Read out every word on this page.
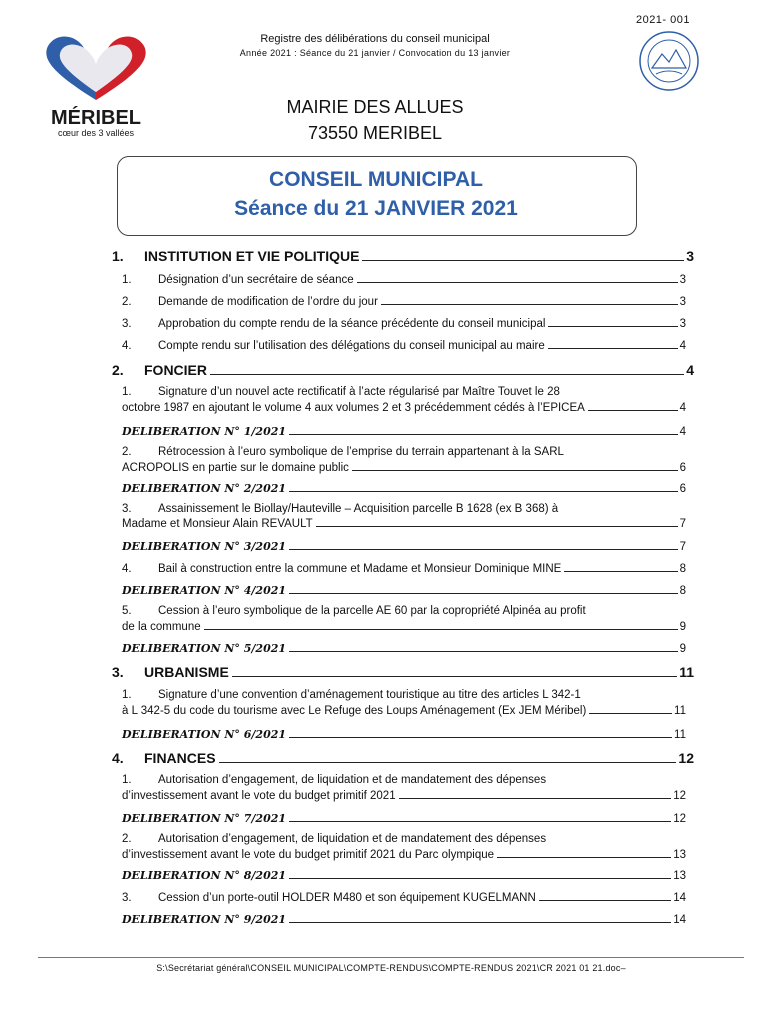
2021- 001
Registre des délibérations du conseil municipal
Année 2021 : Séance du 21 janvier / Convocation du 13 janvier
MÉRIBEL
cœur des 3 vallées
MAIRIE DES ALLUES
73550 MERIBEL
CONSEIL MUNICIPAL
Séance du 21 JANVIER 2021
1. INSTITUTION ET VIE POLITIQUE	3
1. Désignation d’un secrétaire de séance	3
2. Demande de modification de l’ordre du jour	3
3. Approbation du compte rendu de la séance précédente du conseil municipal	3
4. Compte rendu sur l’utilisation des délégations du conseil municipal au maire	4
2. FONCIER	4
1. Signature d’un nouvel acte rectificatif à l’acte régularisé par Maître Touvet le 28
octobre 1987 en ajoutant le volume 4 aux volumes 2 et 3 précédemment cédés à l’EPICEA	4
DELIBERATION N° 1/2021	4
2. Rétrocession à l’euro symbolique de l’emprise du terrain appartenant à la SARL
ACROPOLIS en partie sur le domaine public	6
DELIBERATION N° 2/2021	6
3. Assainissement le Biollay/Hauteville – Acquisition parcelle B 1628 (ex B 368) à
Madame et Monsieur Alain REVAULT	7
DELIBERATION N° 3/2021	7
4. Bail à construction entre la commune et Madame et Monsieur Dominique MINE	8
DELIBERATION N° 4/2021	8
5. Cession à l’euro symbolique de la parcelle AE 60 par la copropriété Alpinéa au profit
de la commune	9
DELIBERATION N° 5/2021	9
3. URBANISME	11
1. Signature d’une convention d’aménagement touristique au titre des articles L 342-1
à L 342-5 du code du tourisme avec Le Refuge des Loups Aménagement (Ex JEM Méribel)	11
DELIBERATION N° 6/2021	11
4. FINANCES	12
1. Autorisation d’engagement, de liquidation et de mandatement des dépenses
d’investissement avant le vote du budget primitif 2021	12
DELIBERATION N° 7/2021	12
2. Autorisation d’engagement, de liquidation et de mandatement des dépenses
d’investissement avant le vote du budget primitif 2021 du Parc olympique	13
DELIBERATION N° 8/2021	13
3. Cession d’un porte-outil HOLDER M480 et son équipement KUGELMANN	14
DELIBERATION N° 9/2021	14
S:\Secrétariat général\CONSEIL MUNICIPAL\COMPTE-RENDUS\COMPTE-RENDUS 2021\CR 2021 01 21.doc–
